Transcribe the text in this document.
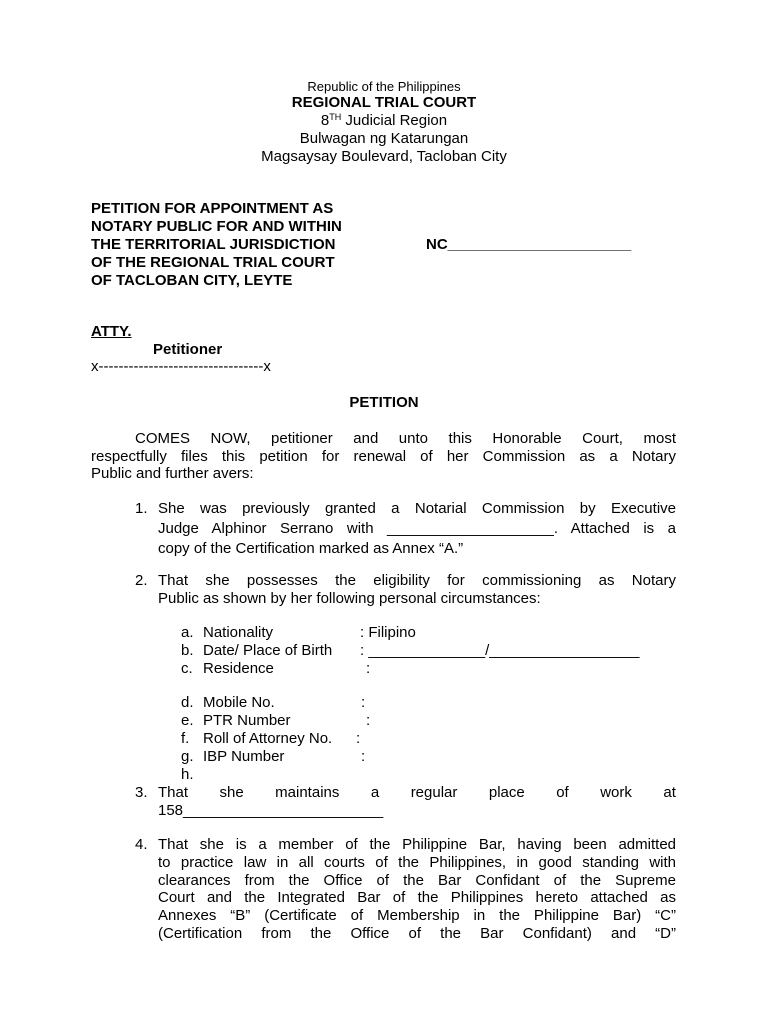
Republic of the Philippines
REGIONAL TRIAL COURT
8TH Judicial Region
Bulwagan ng Katarungan
Magsaysay Boulevard, Tacloban City
PETITION FOR APPOINTMENT AS
NOTARY PUBLIC FOR AND WITHIN
THE TERRITORIAL JURISDICTION
OF THE REGIONAL TRIAL COURT
OF TACLOBAN CITY, LEYTE
NC______________________
ATTY.
Petitioner
x---------------------------------x
PETITION
COMES NOW, petitioner and unto this Honorable Court, most
respectfully files this petition for renewal of her Commission as a Notary
Public and further avers:
1. She was previously granted a Notarial Commission by Executive
Judge Alphinor Serrano with ____________________. Attached is a
copy of the Certification marked as Annex “A.”
2. That she possesses the eligibility for commissioning as Notary
Public as shown by her following personal circumstances:
a. Nationality	: Filipino
b. Date/ Place of Birth : ______________/__________________
c. Residence	:
d. Mobile No.	:
e. PTR Number	:
f. Roll of Attorney No. :
g. IBP Number	:
h.
3. That she maintains a regular place of work at
158________________________
4. That she is a member of the Philippine Bar, having been admitted
to practice law in all courts of the Philippines, in good standing with
clearances from the Office of the Bar Confidant of the Supreme
Court and the Integrated Bar of the Philippines hereto attached as
Annexes “B” (Certificate of Membership in the Philippine Bar) “C”
(Certification from the Office of the Bar Confidant) and “D”
